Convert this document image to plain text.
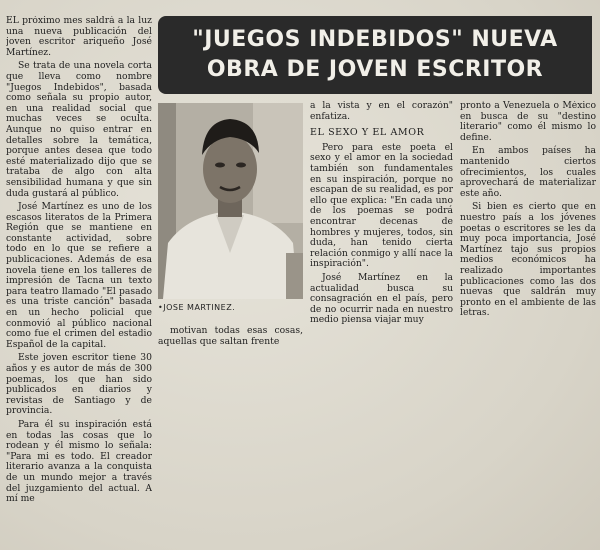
EL próximo mes saldrá a la luz una nueva publicación del joven escritor ariqueño José Martínez.

Se trata de una novela corta que lleva como nombre "Juegos Indebidos", basada como señala su propio autor, en una realidad social que muchas veces se oculta. Aunque no quiso entrar en detalles sobre la temática, porque antes desea que todo esté materializado dijo que se trataba de algo con alta sensibilidad humana y que sin duda gustará al público.

José Martínez es uno de los escasos literatos de la Primera Región que se mantiene en constante actividad, sobre todo en lo que se refiere a publicaciones. Además de esa novela tiene en los talleres de impresión de Tacna un texto para teatro llamado "El pasado es una triste canción" basada en un hecho policial que conmovió al público nacional como fue el crimen del estadio Español de la capital.

Este joven escritor tiene 30 años y es autor de más de 300 poemas, los que han sido publicados en diarios y revistas de Santiago y de provincia.

Para él su inspiración está en todas las cosas que lo rodean y él mismo lo señala: "Para mi es todo. El creador literario avanza a la conquista de un mundo mejor a través del juzgamiento del actual. A mí me

"JUEGOS INDEBIDOS" NUEVA OBRA DE JOVEN ESCRITOR
•JOSE MARTINEZ.

motivan todas esas cosas, aquellas que saltan frente

a la vista y en el corazón" enfatiza.

EL SEXO Y EL AMOR

Pero para este poeta el sexo y el amor en la sociedad también son fundamentales en su inspiración, porque no escapan de su realidad, es por ello que explica: "En cada uno de los poemas se podrá encontrar decenas de hombres y mujeres, todos, sin duda, han tenido cierta relación conmigo y allí nace la inspiración".

José Martínez en la actualidad busca su consagración en el país, pero de no ocurrir nada en nuestro medio piensa viajar muy

pronto a Venezuela o México en busca de su "destino literario" como él mismo lo define.

En ambos países ha mantenido ciertos ofrecimientos, los cuales aprovechará de materializar este año.

Si bien es cierto que en nuestro país a los jóvenes poetas o escritores se les da muy poca importancia, José Martínez tajo sus propios medios económicos ha realizado importantes publicaciones como las dos nuevas que saldrán muy pronto en el ambiente de las letras.
